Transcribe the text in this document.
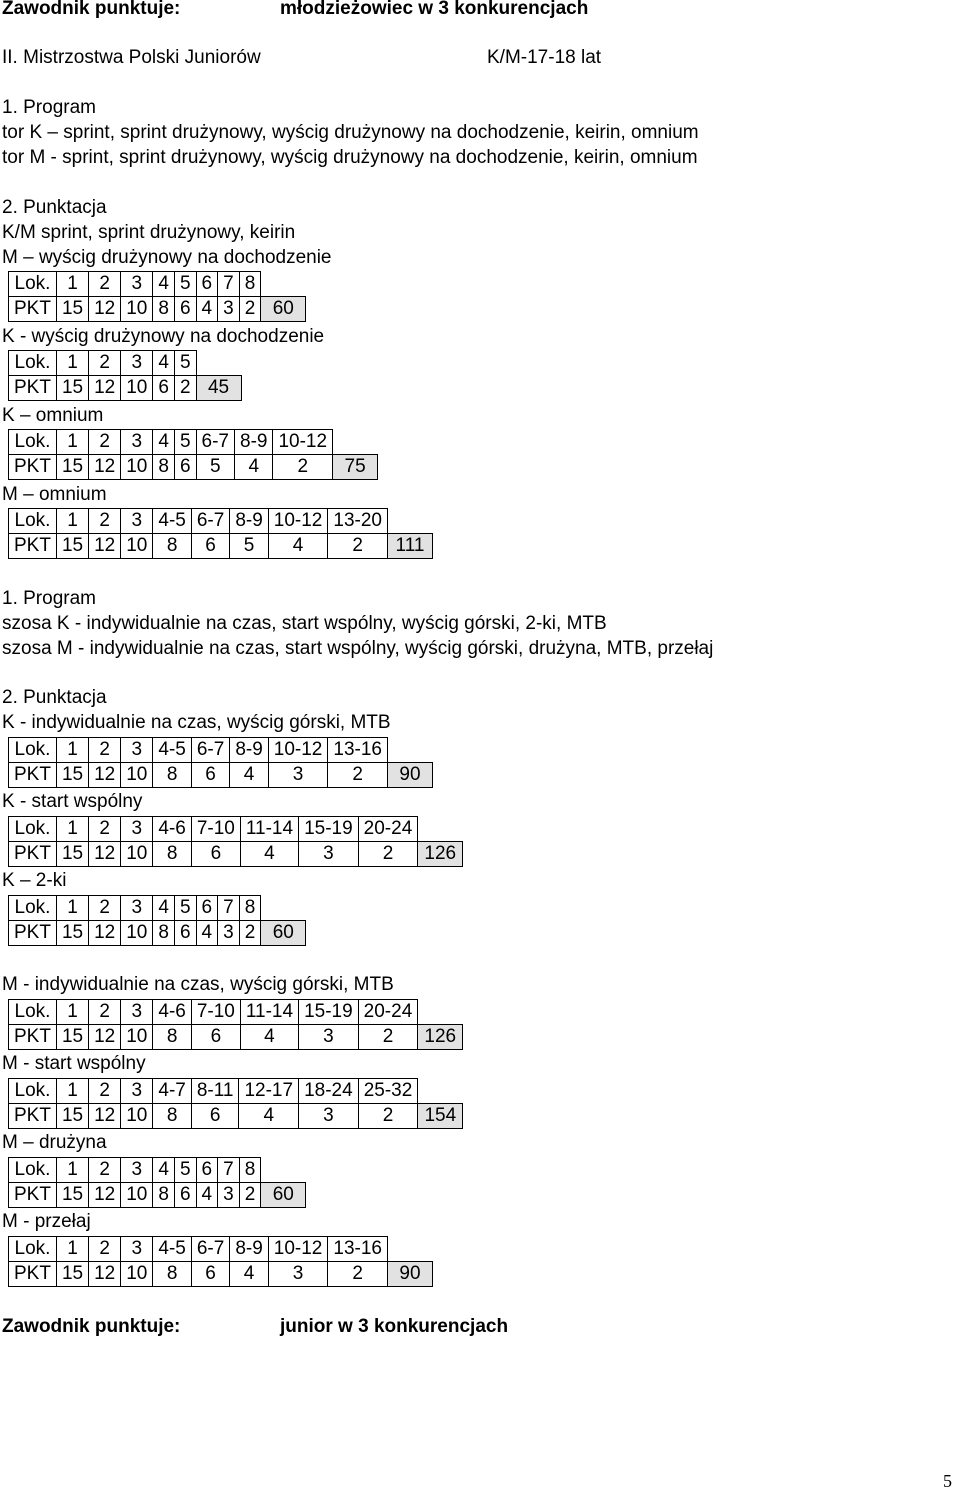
Zawodnik punktuje:	młodzieżowiec w 3 konkurencjach
II. Mistrzostwa Polski Juniorów	K/M-17-18 lat
1. Program
tor K – sprint, sprint drużynowy, wyścig drużynowy na dochodzenie, keirin, omnium
tor M - sprint, sprint drużynowy, wyścig drużynowy na dochodzenie, keirin, omnium
2. Punktacja
K/M sprint, sprint drużynowy, keirin
M – wyścig drużynowy na dochodzenie
Lok.	1	2	3	4	5	6	7	8	
PKT	15	12	10	8	6	4	3	2	60
K - wyścig drużynowy na dochodzenie
Lok.	1	2	3	4	5	
PKT	15	12	10	6	2	45
K – omnium
Lok.	1	2	3	4	5	6-7	8-9	10-12	
PKT	15	12	10	8	6	5	4	2	75
M – omnium
Lok.	1	2	3	4-5	6-7	8-9	10-12	13-20	
PKT	15	12	10	8	6	5	4	2	111
1. Program
szosa K - indywidualnie na czas, start wspólny, wyścig górski, 2-ki, MTB
szosa M - indywidualnie na czas, start wspólny, wyścig górski, drużyna, MTB, przełaj
2. Punktacja
K - indywidualnie na czas, wyścig górski, MTB
Lok.	1	2	3	4-5	6-7	8-9	10-12	13-16	
PKT	15	12	10	8	6	4	3	2	90
K - start wspólny
Lok.	1	2	3	4-6	7-10	11-14	15-19	20-24	
PKT	15	12	10	8	6	4	3	2	126
K – 2-ki
Lok.	1	2	3	4	5	6	7	8	
PKT	15	12	10	8	6	4	3	2	60
M - indywidualnie na czas, wyścig górski, MTB
Lok.	1	2	3	4-6	7-10	11-14	15-19	20-24	
PKT	15	12	10	8	6	4	3	2	126
M - start wspólny
Lok.	1	2	3	4-7	8-11	12-17	18-24	25-32	
PKT	15	12	10	8	6	4	3	2	154
M – drużyna
Lok.	1	2	3	4	5	6	7	8	
PKT	15	12	10	8	6	4	3	2	60
M - przełaj
Lok.	1	2	3	4-5	6-7	8-9	10-12	13-16	
PKT	15	12	10	8	6	4	3	2	90
Zawodnik punktuje:	junior w 3 konkurencjach
5
